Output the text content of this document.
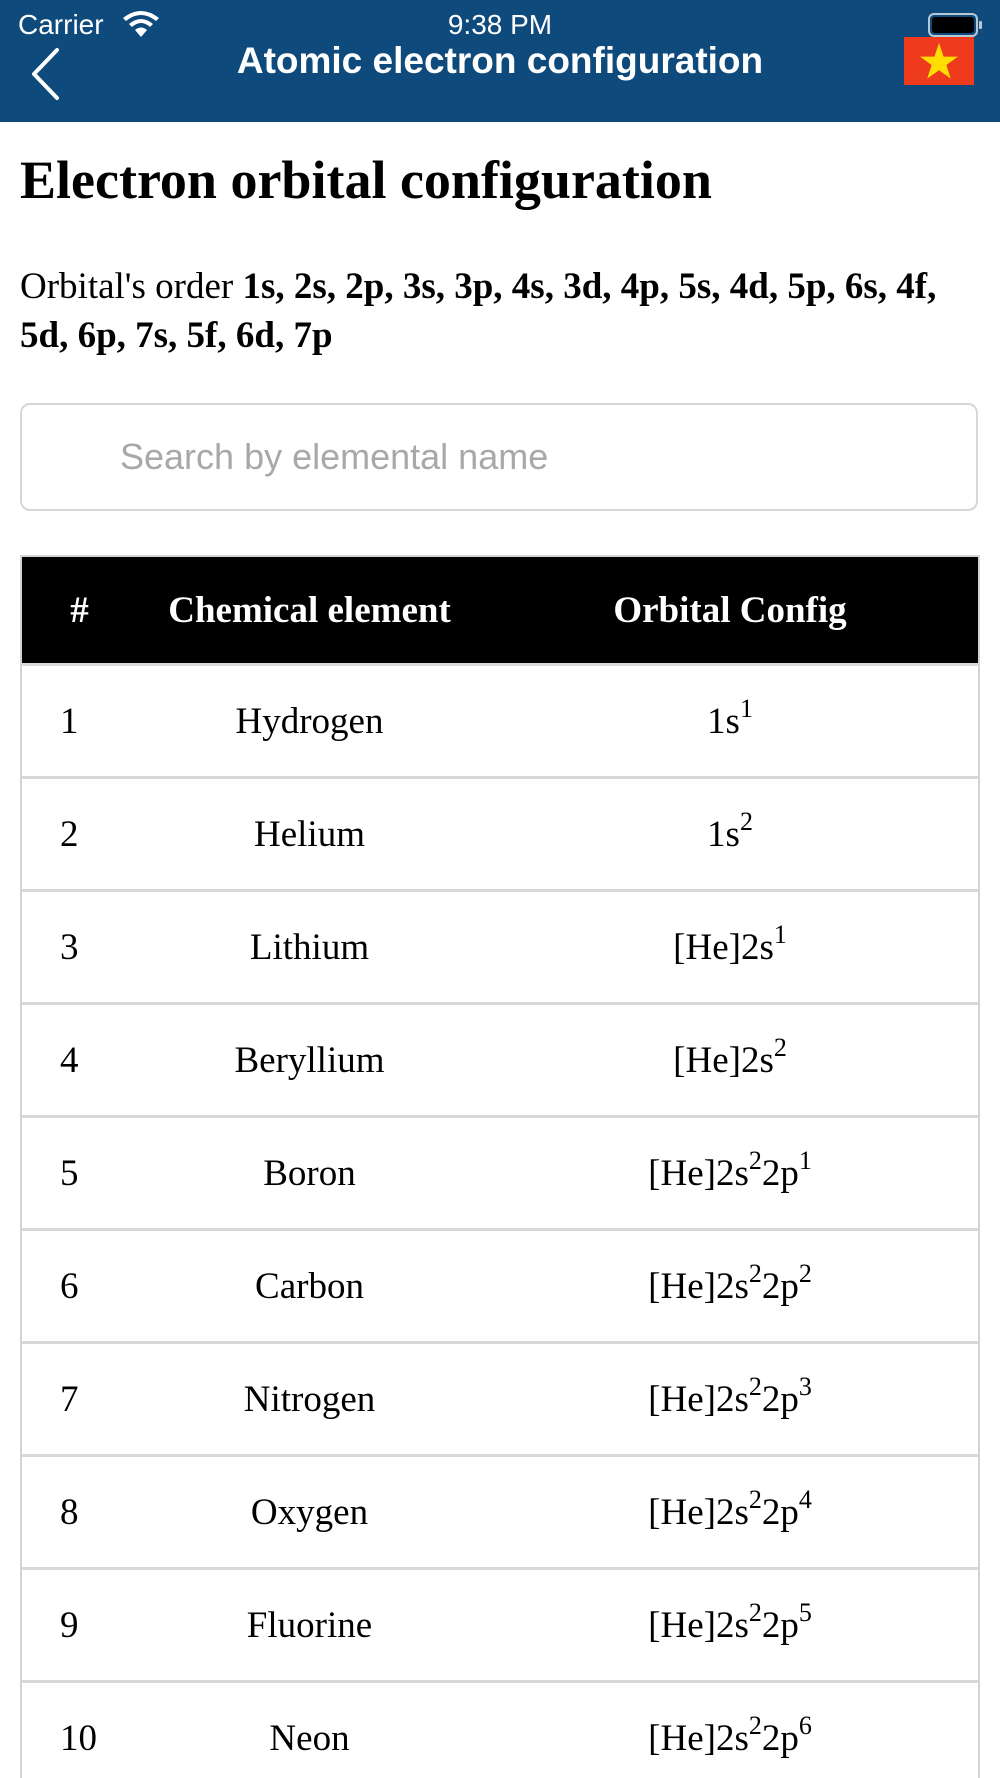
Carrier	9:38 PM
Atomic electron configuration
Electron orbital configuration
Orbital's order 1s, 2s, 2p, 3s, 3p, 4s, 3d, 4p, 5s, 4d, 5p, 6s, 4f, 5d, 6p, 7s, 5f, 6d, 7p
Search by elemental name
#	Chemical element	Orbital Config
1	Hydrogen	$1s^1$
2	Helium	$1s^2$
3	Lithium	$[He]2s^1$
4	Beryllium	$[He]2s^2$
5	Boron	$[He]2s^22p^1$
6	Carbon	$[He]2s^22p^2$
7	Nitrogen	$[He]2s^22p^3$
8	Oxygen	$[He]2s^22p^4$
9	Fluorine	$[He]2s^22p^5$
10	Neon	$[He]2s^22p^6$
